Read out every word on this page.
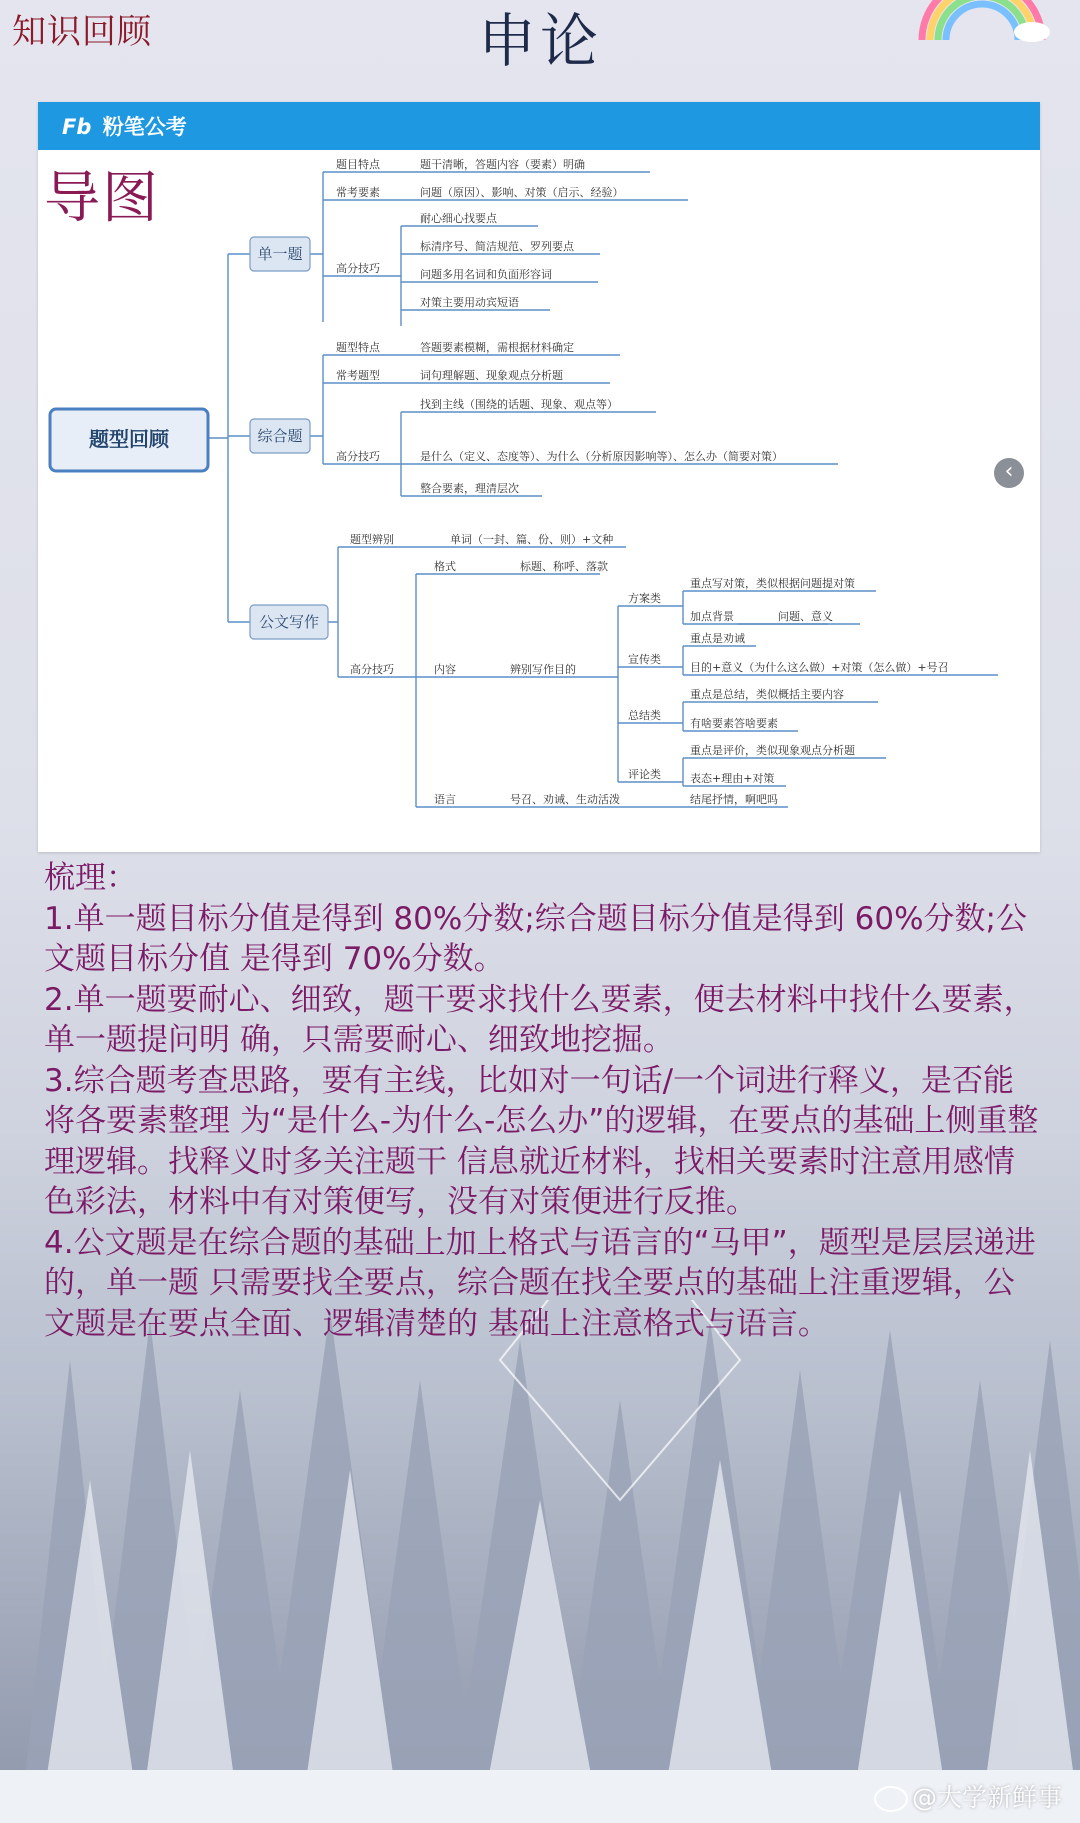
知识回顾	申论
Fb 粉笔公考
导图
题型回顾
单一题
综合题
公文写作
题目特点	题干清晰，答题内容（要素）明确
常考要素	问题（原因）、影响、对策（启示、经验）
高分技巧
耐心细心找要点
标清序号、简洁规范、罗列要点
问题多用名词和负面形容词
对策主要用动宾短语
题型特点	答题要素模糊，需根据材料确定
常考题型	词句理解题、现象观点分析题
高分技巧
找到主线（围绕的话题、现象、观点等）
是什么（定义、态度等）、为什么（分析原因影响等）、怎么办（简要对策）
整合要素，理清层次
题型辨别	单词（一封、篇、份、则）+文种
高分技巧
格式	标题、称呼、落款
内容	辨别写作目的
方案类
重点写对策，类似根据问题提对策
加点背景	问题、意义
宣传类
重点是劝诫
目的+意义（为什么这么做）+对策（怎么做）+号召
总结类
重点是总结，类似概括主要内容
有啥要素答啥要素
评论类
重点是评价，类似现象观点分析题
表态+理由+对策
语言	号召、劝诫、生动活泼	结尾抒情，啊吧吗
‹

梳理：

1.单一题目标分值是得到 80%分数;综合题目标分值是得到 60%分数;公文题目标分值 是得到 70%分数。

2.单一题要耐心、细致，题干要求找什么要素，便去材料中找什么要素，单一题提问明 确，只需要耐心、细致地挖掘。

3.综合题考查思路，要有主线，比如对一句话/一个词进行释义，是否能将各要素整理 为“是什么-为什么-怎么办”的逻辑，在要点的基础上侧重整理逻辑。找释义时多关注题干 信息就近材料，找相关要素时注意用感情色彩法，材料中有对策便写，没有对策便进行反推。

4.公文题是在综合题的基础上加上格式与语言的“马甲”，题型是层层递进的，单一题 只需要找全要点，综合题在找全要点的基础上注重逻辑，公文题是在要点全面、逻辑清楚的 基础上注意格式与语言。

@大学新鲜事
